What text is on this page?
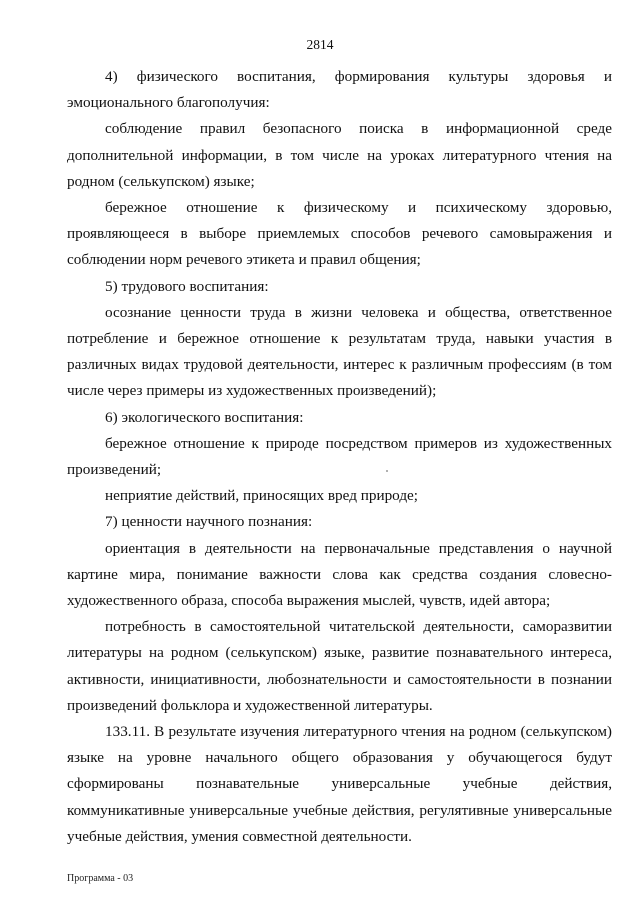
2814

4) физического воспитания, формирования культуры здоровья и эмоционального благополучия:

соблюдение правил безопасного поиска в информационной среде дополнительной информации, в том числе на уроках литературного чтения на родном (селькупском) языке;

бережное отношение к физическому и психическому здоровью, проявляющееся в выборе приемлемых способов речевого самовыражения и соблюдении норм речевого этикета и правил общения;

5) трудового воспитания:

осознание ценности труда в жизни человека и общества, ответственное потребление и бережное отношение к результатам труда, навыки участия в различных видах трудовой деятельности, интерес к различным профессиям (в том числе через примеры из художественных произведений);

6) экологического воспитания:

бережное отношение к природе посредством примеров из художественных произведений;

неприятие действий, приносящих вред природе;

7) ценности научного познания:

ориентация в деятельности на первоначальные представления о научной картине мира, понимание важности слова как средства создания словесно-художественного образа, способа выражения мыслей, чувств, идей автора;

потребность в самостоятельной читательской деятельности, саморазвитии литературы на родном (селькупском) языке, развитие познавательного интереса, активности, инициативности, любознательности и самостоятельности в познании произведений фольклора и художественной литературы.

133.11. В результате изучения литературного чтения на родном (селькупском) языке на уровне начального общего образования у обучающегося будут сформированы познавательные универсальные учебные действия, коммуникативные универсальные учебные действия, регулятивные универсальные учебные действия, умения совместной деятельности.

Программа - 03
